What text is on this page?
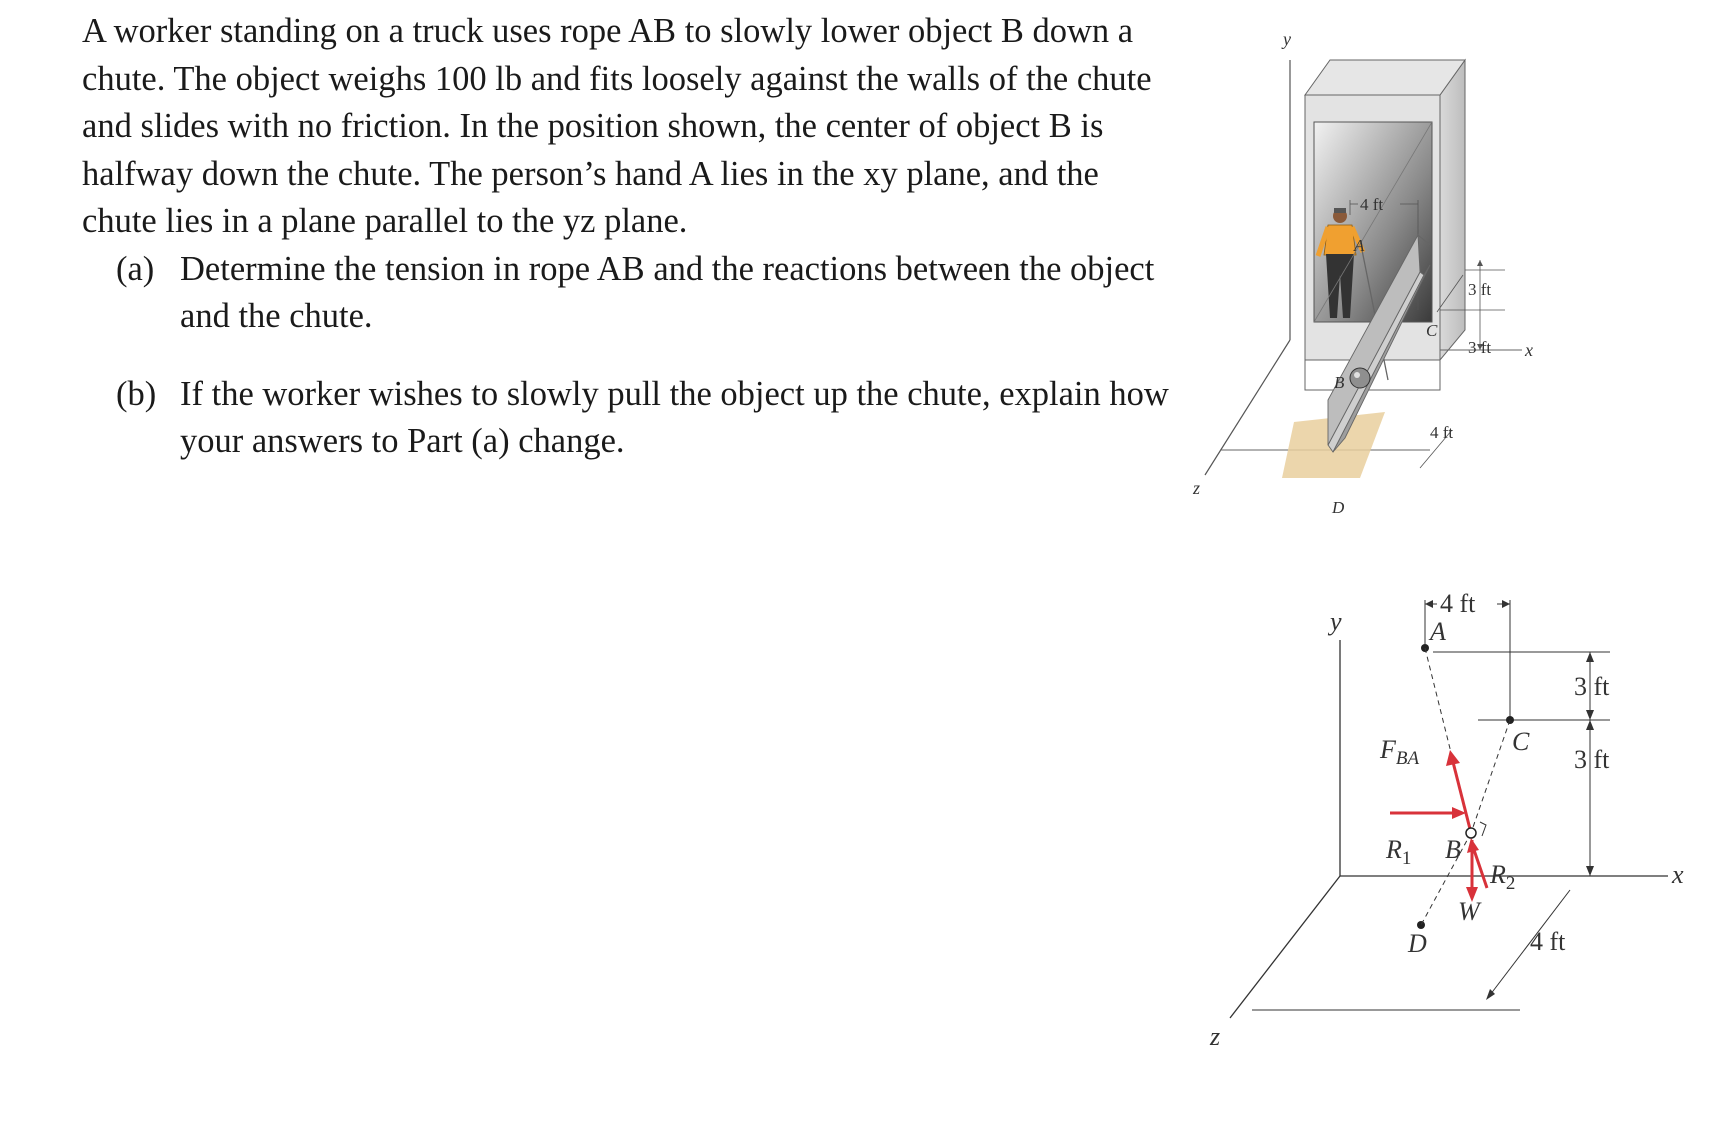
A worker standing on a truck uses rope AB to slowly lower object B down a

chute. The object weighs 100 lb and fits loosely against the walls of the chute

and slides with no friction. In the position shown, the center of object B is

halfway down the chute. The person’s hand A lies in the xy plane, and the

chute lies in a plane parallel to the yz plane.

(a) Determine the tension in rope AB and the reactions between the object
and the chute.
(b) If the worker wishes to slowly pull the object up the chute, explain how
your answers to Part (a) change.
y
4 ft
A
z
x
B
C
D
3 ft
3 ft
4 ft
y
x
z
4 ft
3 ft
3 ft
4 ft
A
C
D
$F_{BA}$
$R_1$ B
$R_2$
W
